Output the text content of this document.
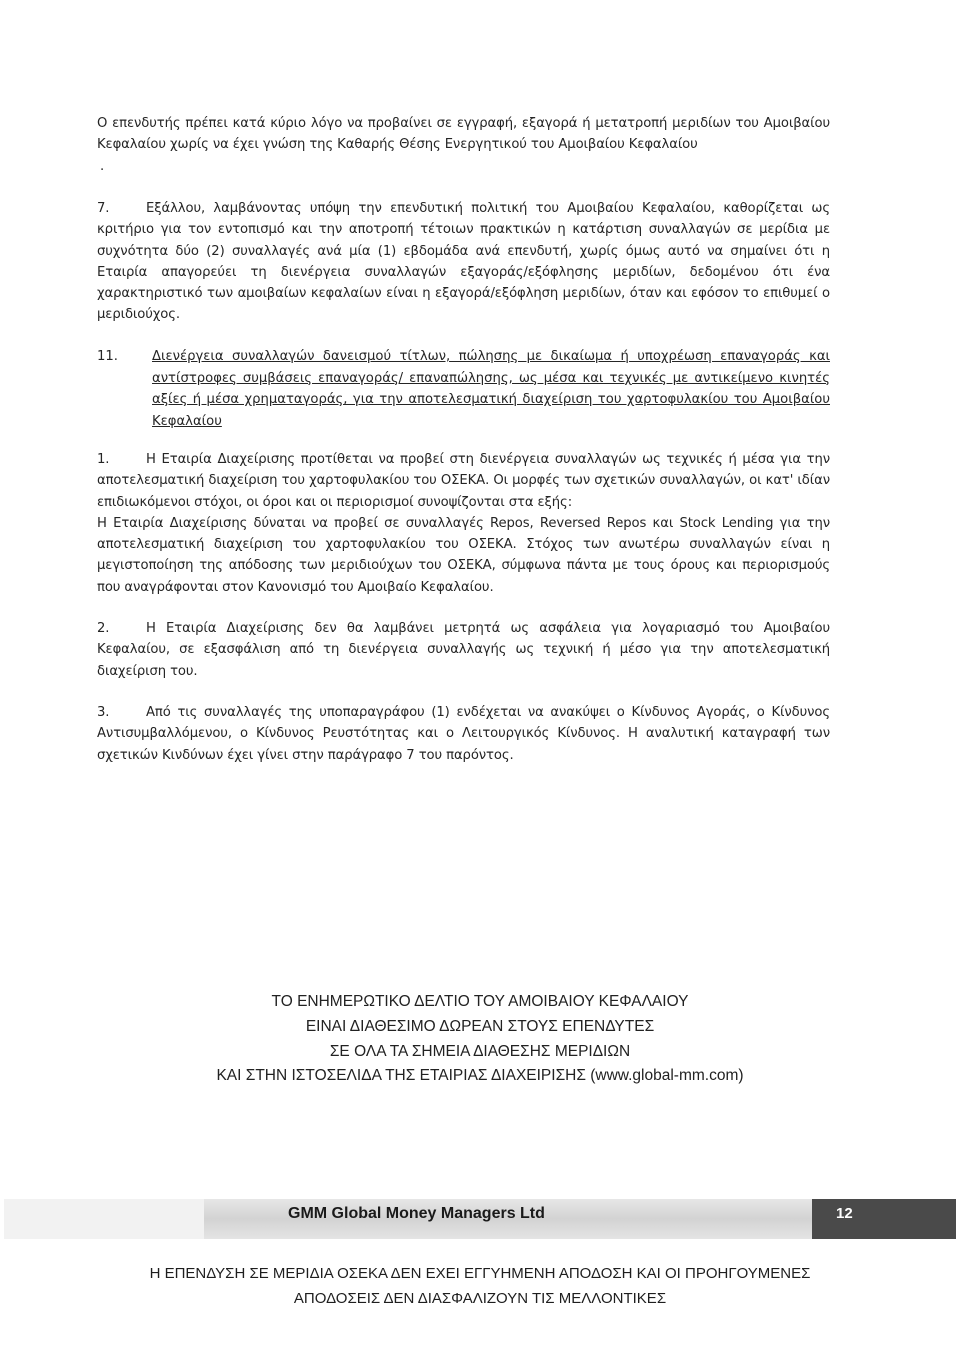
Ο επενδυτής πρέπει κατά κύριο λόγο να προβαίνει σε εγγραφή, εξαγορά ή μετατροπή μεριδίων του Αμοιβαίου Κεφαλαίου χωρίς να έχει γνώση της Καθαρής Θέσης Ενεργητικού του Αμοιβαίου Κεφαλαίου

.

7.	Εξάλλου, λαμβάνοντας υπόψη την επενδυτική πολιτική του Αμοιβαίου Κεφαλαίου, καθορίζεται ως κριτήριο για τον εντοπισμό και την αποτροπή τέτοιων πρακτικών η κατάρτιση συναλλαγών σε μερίδια με συχνότητα δύο (2) συναλλαγές ανά μία (1) εβδομάδα ανά επενδυτή, χωρίς όμως αυτό να σημαίνει ότι η Εταιρία απαγορεύει τη διενέργεια συναλλαγών εξαγοράς/εξόφλησης μεριδίων, δεδομένου ότι ένα χαρακτηριστικό των αμοιβαίων κεφαλαίων είναι η εξαγορά/εξόφληση μεριδίων, όταν και εφόσον το επιθυμεί ο μεριδιούχος.

11.	Διενέργεια συναλλαγών δανεισμού τίτλων, πώλησης με δικαίωμα ή υποχρέωση επαναγοράς και αντίστροφες συμβάσεις επαναγοράς/ επαναπώλησης, ως μέσα και τεχνικές με αντικείμενο κινητές αξίες ή μέσα χρηματαγοράς, για την αποτελεσματική διαχείριση του χαρτοφυλακίου του Αμοιβαίου Κεφαλαίου

1.	Η Εταιρία Διαχείρισης προτίθεται να προβεί στη διενέργεια συναλλαγών ως τεχνικές ή μέσα για την αποτελεσματική διαχείριση του χαρτοφυλακίου του ΟΣΕΚΑ. Οι μορφές των σχετικών συναλλαγών, οι κατ' ιδίαν επιδιωκόμενοι στόχοι, οι όροι και οι περιορισμοί συνοψίζονται στα εξής:

Η Εταιρία Διαχείρισης δύναται να προβεί σε συναλλαγές Repos, Reversed Repos και Stock Lending για την αποτελεσματική διαχείριση του χαρτοφυλακίου του ΟΣΕΚΑ. Στόχος των ανωτέρω συναλλαγών είναι η μεγιστοποίηση της απόδοσης των μεριδιούχων του ΟΣΕΚΑ, σύμφωνα πάντα με τους όρους και περιορισμούς που αναγράφονται στον Κανονισμό του Αμοιβαίο Κεφαλαίου.

2.	Η Εταιρία Διαχείρισης δεν θα λαμβάνει μετρητά ως ασφάλεια για λογαριασμό του Αμοιβαίου Κεφαλαίου, σε εξασφάλιση από τη διενέργεια συναλλαγής ως τεχνική ή μέσο για την αποτελεσματική διαχείριση του.

3.	Από τις συναλλαγές της υποπαραγράφου (1) ενδέχεται να ανακύψει ο Κίνδυνος Αγοράς, ο Κίνδυνος Αντισυμβαλλόμενου, ο Κίνδυνος Ρευστότητας και ο Λειτουργικός Κίνδυνος. Η αναλυτική καταγραφή των σχετικών Κινδύνων έχει γίνει στην παράγραφο 7 του παρόντος.

ΤΟ ΕΝΗΜΕΡΩΤΙΚΟ ΔΕΛΤΙΟ ΤΟΥ ΑΜΟΙΒΑΙΟΥ ΚΕΦΑΛΑΙΟΥ
ΕΙΝΑΙ ΔΙΑΘΕΣΙΜΟ ΔΩΡΕΑΝ ΣΤΟΥΣ ΕΠΕΝΔΥΤΕΣ
ΣΕ ΟΛΑ ΤΑ ΣΗΜΕΙΑ ΔΙΑΘΕΣΗΣ ΜΕΡΙΔΙΩΝ
ΚΑΙ ΣΤΗΝ ΙΣΤΟΣΕΛΙΔΑ ΤΗΣ ΕΤΑΙΡΙΑΣ ΔΙΑΧΕΙΡΙΣΗΣ (www.global-mm.com)
GMM Global Money Managers Ltd	12
Η ΕΠΕΝΔΥΣΗ ΣΕ ΜΕΡΙΔΙΑ ΟΣΕΚΑ ΔΕΝ ΕΧΕΙ ΕΓΓΥΗΜΕΝΗ ΑΠΟΔΟΣΗ ΚΑΙ ΟΙ ΠΡΟΗΓΟΥΜΕΝΕΣ
ΑΠΟΔΟΣΕΙΣ ΔΕΝ ΔΙΑΣΦΑΛΙΖΟΥΝ ΤΙΣ ΜΕΛΛΟΝΤΙΚΕΣ
